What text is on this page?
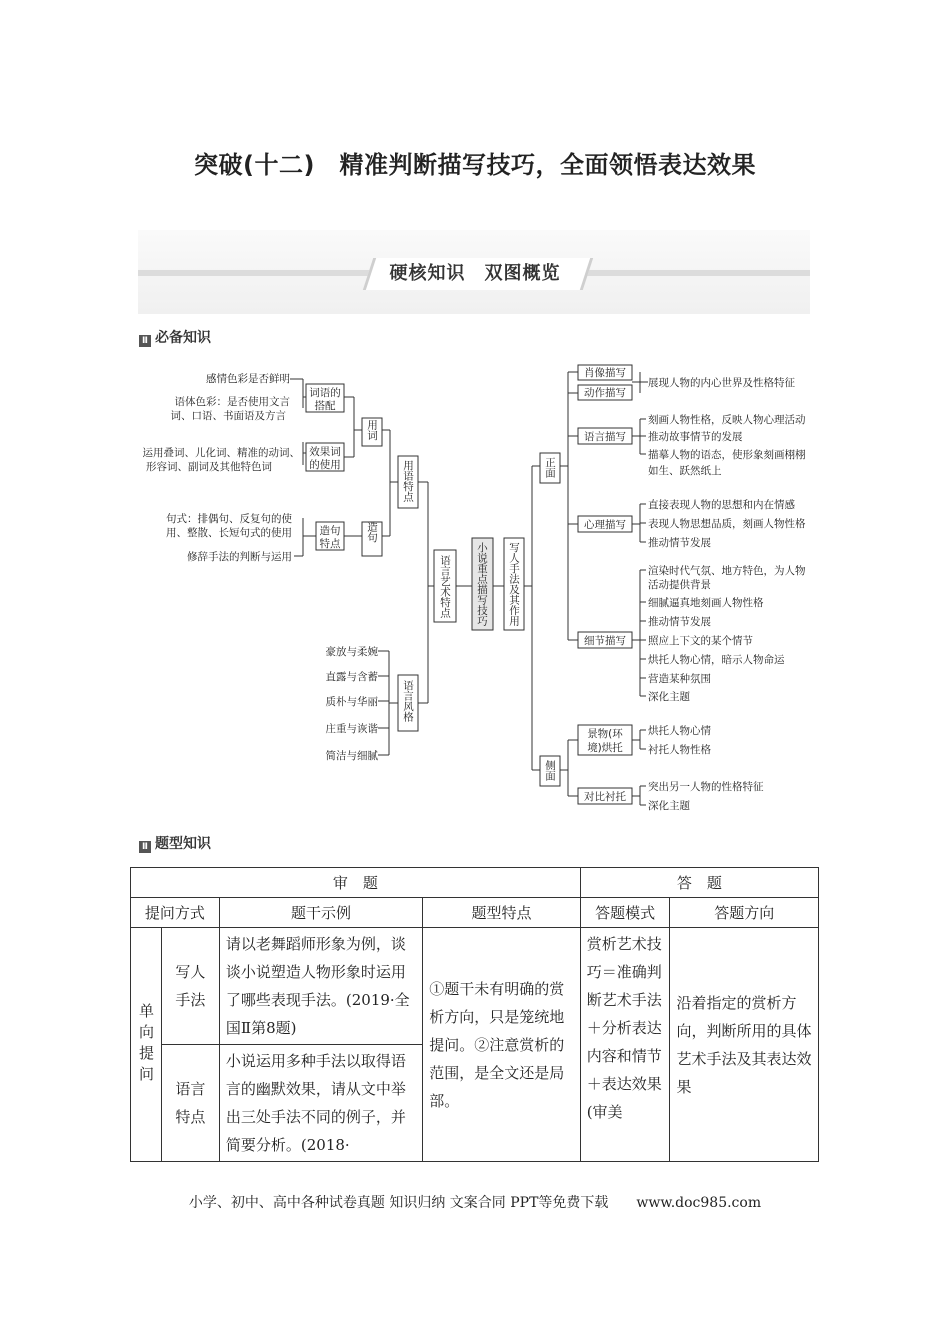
突破(十二)　精准判断描写技巧，全面领悟表达效果
硬核知识　双图概览
Ⅱ 必备知识
感情色彩是否鲜明
语体色彩：是否使用文言
词、口语、书面语及方言
运用叠词、儿化词、精准的动词、
形容词、副词及其他特色词
句式：排偶句、反复句的使
用、整散、长短句式的使用
修辞手法的判断与运用
词语的
搭配
效果词
的使用
造句
特点
用词
造句
用语特点
语言风格
语言艺术特点 小说重点描写技巧 写人手法及其作用
正面
侧面
豪放与柔婉
直露与含蓄
质朴与华丽
庄重与诙谐
简洁与细腻
肖像描写
动作描写
语言描写
心理描写
细节描写
景物(环
境)烘托
对比衬托
展现人物的内心世界及性格特征
刻画人物性格，反映人物心理活动
推动故事情节的发展
描摹人物的语态，使形象刻画栩栩
如生、跃然纸上
直接表现人物的思想和内在情感
表现人物思想品质，刻画人物性格
推动情节发展
渲染时代气氛、地方特色，为人物
活动提供背景
细腻逼真地刻画人物性格
推动情节发展
照应上下文的某个情节
烘托人物心情，暗示人物命运
营造某种氛围
深化主题
烘托人物心情
衬托人物性格
突出另一人物的性格特征
深化主题
Ⅱ 题型知识
审　题				答　题	
提问方式		题干示例	题型特点	答题模式	答题方向
单向提问	写人手法	请以老舞蹈师形象为例，谈谈小说塑造人物形象时运用了哪些表现手法。(2019·全国Ⅱ第8题)	①题干未有明确的赏析方向，只是笼统地提问。②注意赏析的范围，是全文还是局部。	赏析艺术技巧＝准确判断艺术手法＋分析表达内容和情节＋表达效果(审美	沿着指定的赏析方向，判断所用的具体艺术手法及其表达效果
	语言特点	小说运用多种手法以取得语言的幽默效果，请从文中举出三处手法不同的例子，并简要分析。(2018·			
小学、初中、高中各种试卷真题 知识归纳 文案合同 PPT等免费下载　　www.doc985.com
